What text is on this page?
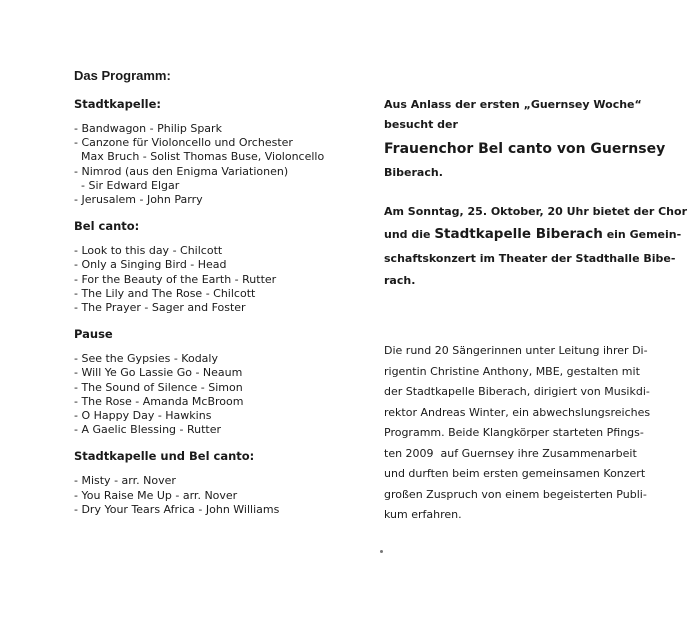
Das Programm:

Stadtkapelle:

- Bandwagon - Philip Spark
- Canzone für Violoncello und Orchester
Max Bruch - Solist Thomas Buse, Violoncello
- Nimrod (aus den Enigma Variationen)
- Sir Edward Elgar
- Jerusalem - John Parry

Bel canto:

- Look to this day - Chilcott
- Only a Singing Bird - Head
- For the Beauty of the Earth - Rutter
- The Lily and The Rose - Chilcott
- The Prayer - Sager and Foster

Pause

- See the Gypsies - Kodaly
- Will Ye Go Lassie Go - Neaum
- The Sound of Silence - Simon
- The Rose - Amanda McBroom
- O Happy Day - Hawkins
- A Gaelic Blessing - Rutter

Stadtkapelle und Bel canto:

- Misty - arr. Nover
- You Raise Me Up - arr. Nover
- Dry Your Tears Africa - John Williams

Aus Anlass der ersten „Guernsey Woche“

besucht der

Frauenchor Bel canto von Guernsey

Biberach.

Am Sonntag, 25. Oktober, 20 Uhr bietet der Chor

und die Stadtkapelle Biberach ein Gemein-

schaftskonzert im Theater der Stadthalle Bibe-

rach.

Die rund 20 Sängerinnen unter Leitung ihrer Di-
rigentin Christine Anthony, MBE, gestalten mit
der Stadtkapelle Biberach, dirigiert von Musikdi-
rektor Andreas Winter, ein abwechslungsreiches
Programm. Beide Klangkörper starteten Pfings-
ten 2009  auf Guernsey ihre Zusammenarbeit
und durften beim ersten gemeinsamen Konzert
großen Zuspruch von einem begeisterten Publi-
kum erfahren.
